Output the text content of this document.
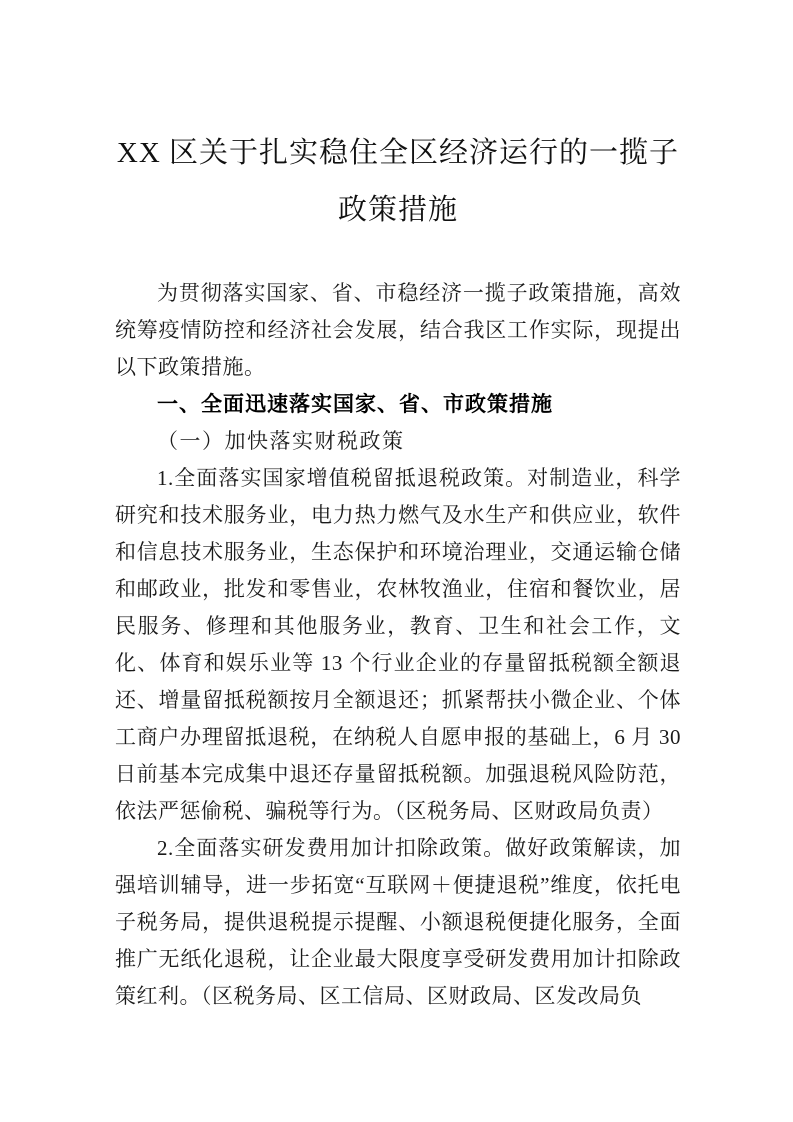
XX 区关于扎实稳住全区经济运行的一揽子
政策措施

为贯彻落实国家、省、市稳经济一揽子政策措施，高效统筹疫情防控和经济社会发展，结合我区工作实际，现提出以下政策措施。

一、全面迅速落实国家、省、市政策措施

（一）加快落实财税政策

1.全面落实国家增值税留抵退税政策。对制造业，科学研究和技术服务业，电力热力燃气及水生产和供应业，软件和信息技术服务业，生态保护和环境治理业，交通运输仓储和邮政业，批发和零售业，农林牧渔业，住宿和餐饮业，居民服务、修理和其他服务业，教育、卫生和社会工作，文化、体育和娱乐业等 13 个行业企业的存量留抵税额全额退还、增量留抵税额按月全额退还；抓紧帮扶小微企业、个体工商户办理留抵退税，在纳税人自愿申报的基础上，6 月 30 日前基本完成集中退还存量留抵税额。加强退税风险防范，依法严惩偷税、骗税等行为。（区税务局、区财政局负责）

2.全面落实研发费用加计扣除政策。做好政策解读，加强培训辅导，进一步拓宽“互联网＋便捷退税”维度，依托电子税务局，提供退税提示提醒、小额退税便捷化服务，全面推广无纸化退税，让企业最大限度享受研发费用加计扣除政策红利。（区税务局、区工信局、区财政局、区发改局负
